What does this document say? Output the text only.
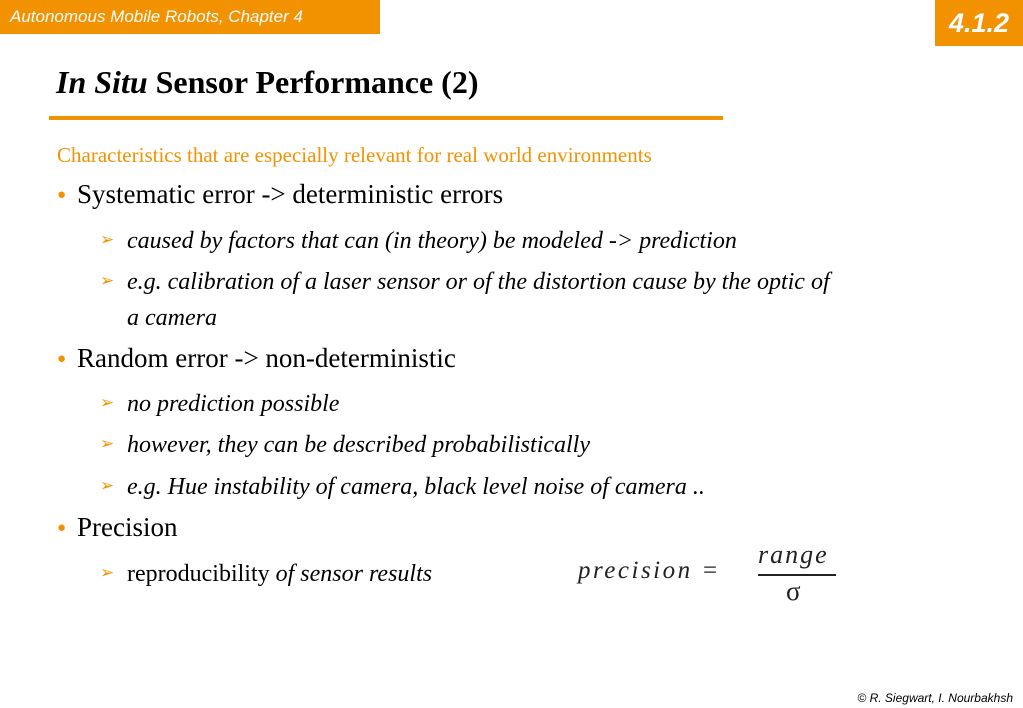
Autonomous Mobile Robots, Chapter 4	4.1.2
In Situ Sensor Performance (2)
Characteristics that are especially relevant for real world environments
● Systematic error -> deterministic errors
➢ caused by factors that can (in theory) be modeled -> prediction
➢ e.g. calibration of a laser sensor or of the distortion cause by the optic of
a camera
● Random error -> non-deterministic
➢ no prediction possible
➢ however, they can be described probabilistically
➢ e.g. Hue instability of camera, black level noise of camera ..
● Precision
➢ reproducibility of sensor results	precision =
range
σ
© R. Siegwart, I. Nourbakhsh
